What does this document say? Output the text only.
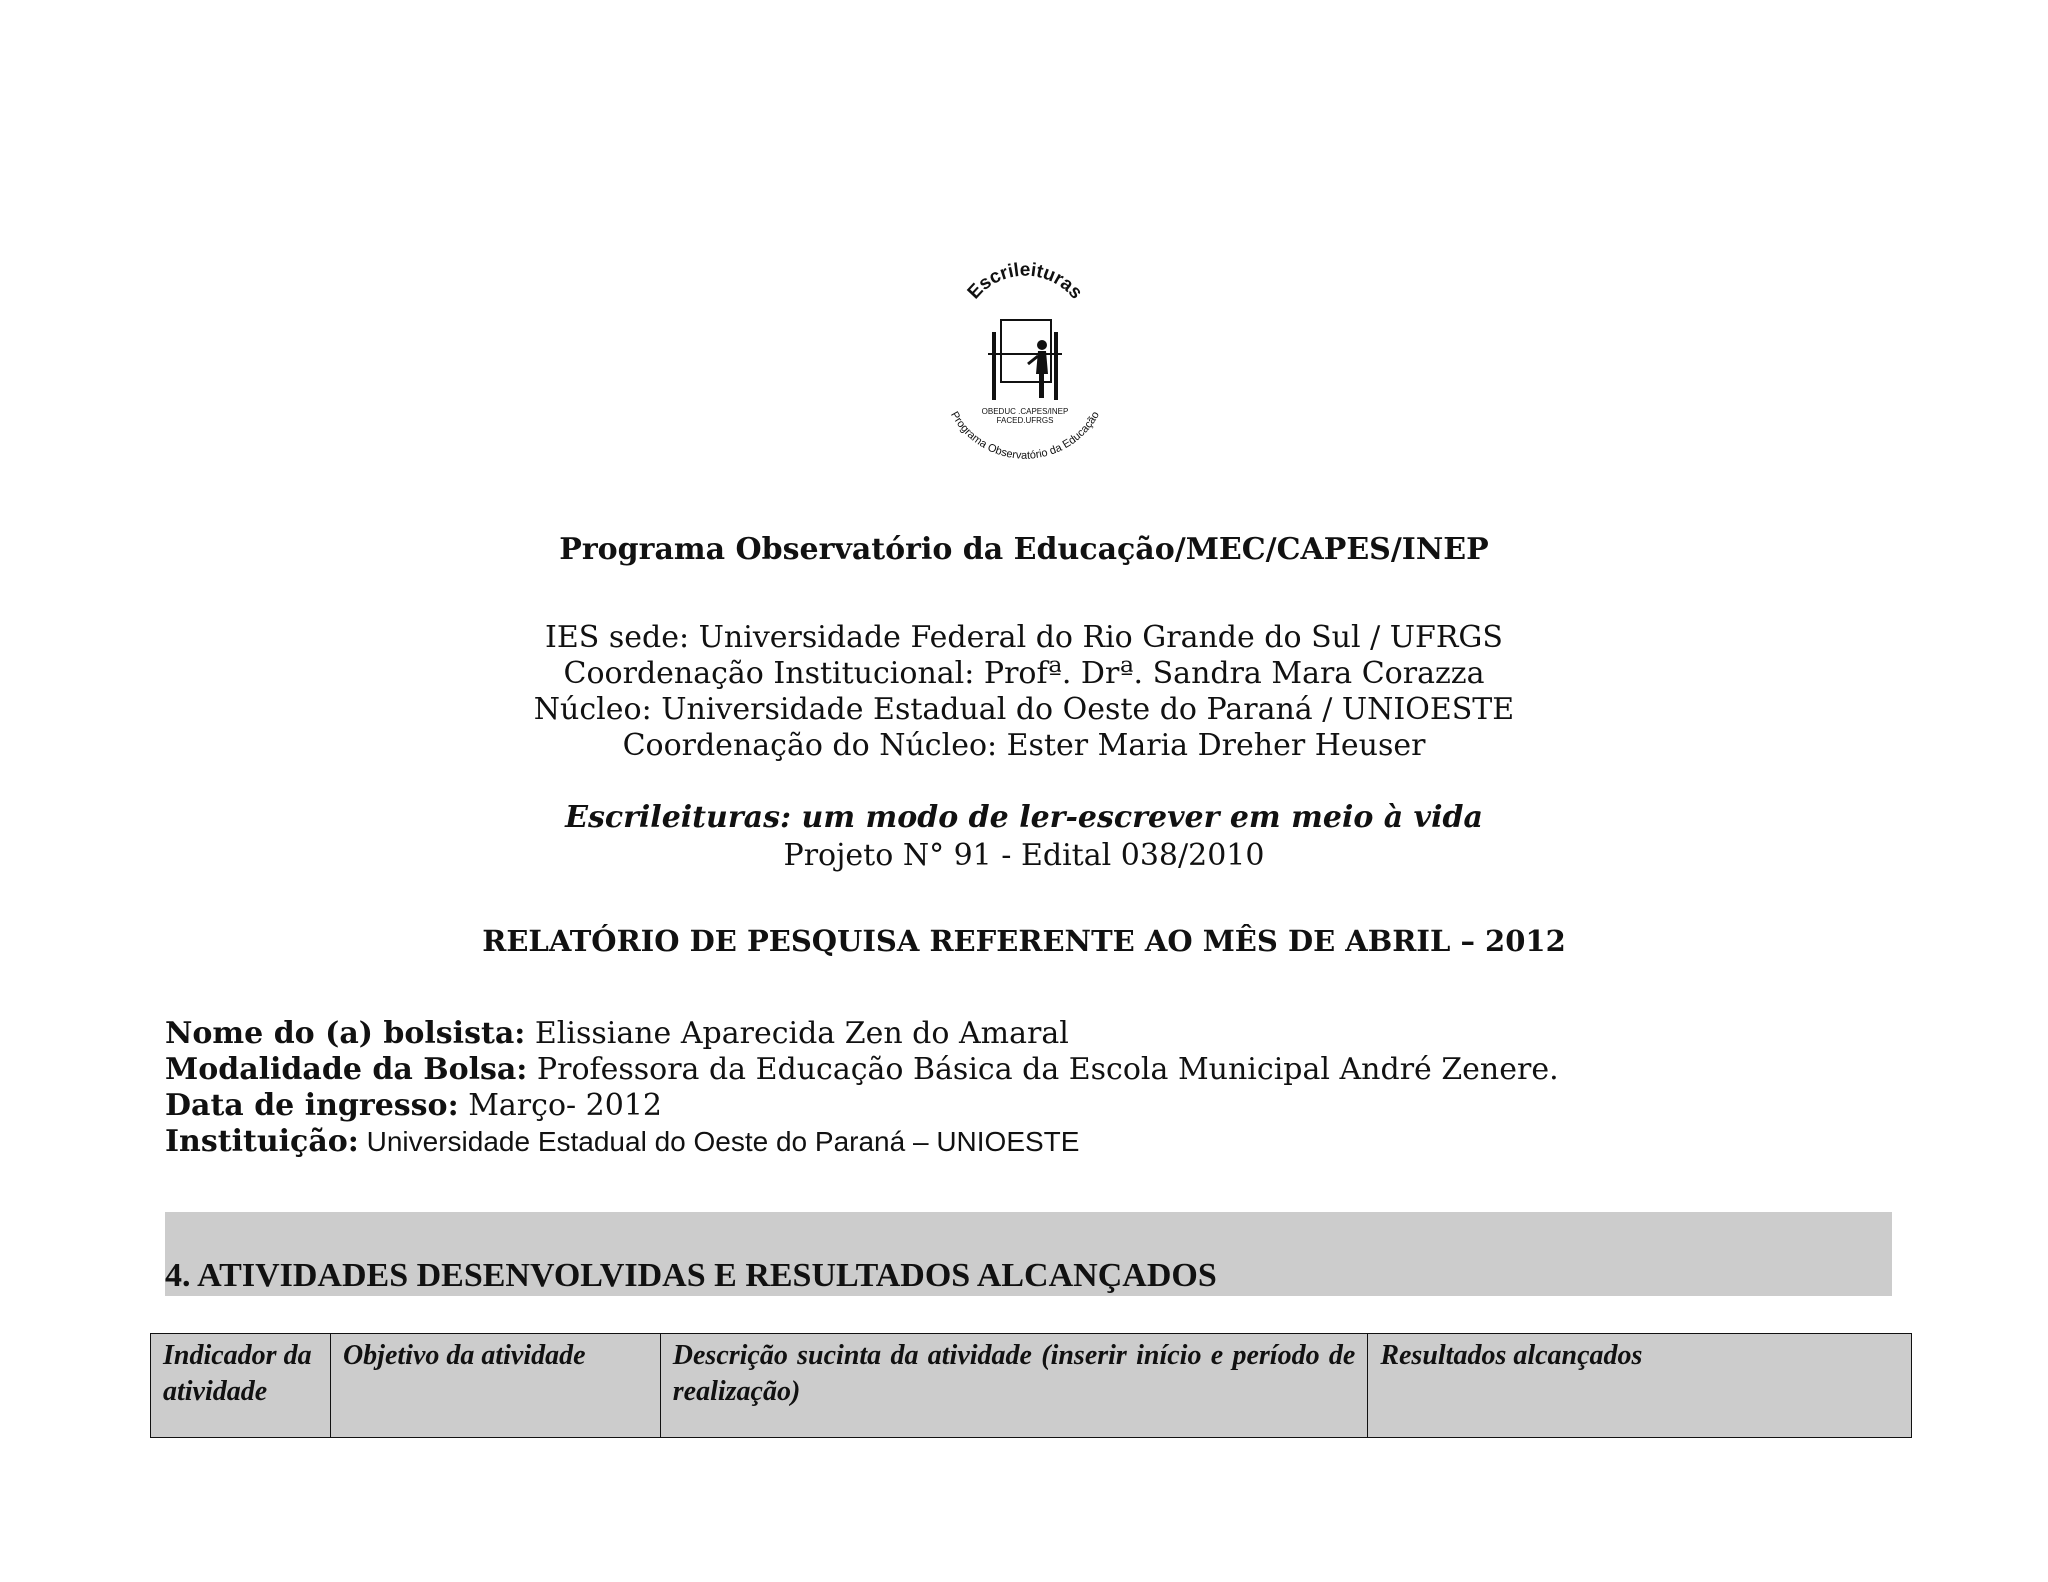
Escrileituras
OBEDUC .CAPES/INEP
FACED.UFRGS
Programa Observatório da Educação
Programa Observatório da Educação/MEC/CAPES/INEP
IES sede: Universidade Federal do Rio Grande do Sul / UFRGS
Coordenação Institucional: Profª. Drª. Sandra Mara Corazza
Núcleo: Universidade Estadual do Oeste do Paraná / UNIOESTE
Coordenação do Núcleo: Ester Maria Dreher Heuser
Escrileituras: um modo de ler-escrever em meio à vida
Projeto N° 91 - Edital 038/2010
RELATÓRIO DE PESQUISA REFERENTE AO MÊS DE ABRIL – 2012
Nome do (a) bolsista: Elissiane Aparecida Zen do Amaral
Modalidade da Bolsa: Professora da Educação Básica da Escola Municipal André Zenere.
Data de ingresso: Março- 2012
Instituição: Universidade Estadual do Oeste do Paraná – UNIOESTE
4. ATIVIDADES DESENVOLVIDAS E RESULTADOS ALCANÇADOS
Indicador da atividade	Objetivo da atividade	Descrição sucinta da atividade (inserir início e período de realização)	Resultados alcançados
